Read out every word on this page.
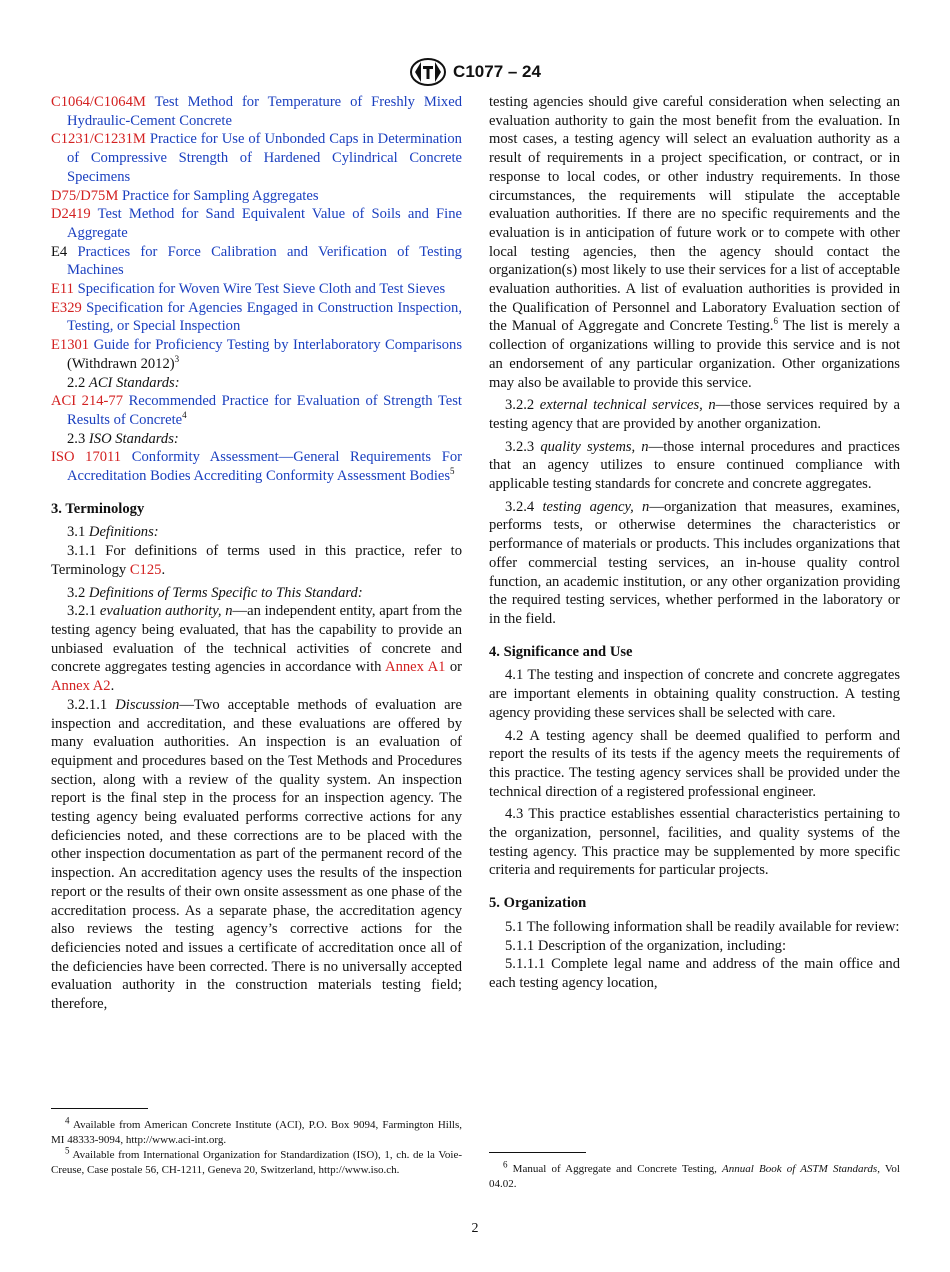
C1077 – 24

C1064/C1064M Test Method for Temperature of Freshly Mixed Hydraulic-Cement Concrete

C1231/C1231M Practice for Use of Unbonded Caps in Determination of Compressive Strength of Hardened Cylindrical Concrete Specimens

D75/D75M Practice for Sampling Aggregates

D2419 Test Method for Sand Equivalent Value of Soils and Fine Aggregate

E4 Practices for Force Calibration and Verification of Testing Machines

E11 Specification for Woven Wire Test Sieve Cloth and Test Sieves

E329 Specification for Agencies Engaged in Construction Inspection, Testing, or Special Inspection

E1301 Guide for Proficiency Testing by Interlaboratory Comparisons (Withdrawn 2012)$^3$

2.2 ACI Standards:

ACI 214-77 Recommended Practice for Evaluation of Strength Test Results of Concrete$^4$

2.3 ISO Standards:

ISO 17011 Conformity Assessment—General Requirements For Accreditation Bodies Accrediting Conformity Assessment Bodies$^5$

3. Terminology

3.1 Definitions:

3.1.1 For definitions of terms used in this practice, refer to Terminology C125.

3.2 Definitions of Terms Specific to This Standard:

3.2.1 evaluation authority, n—an independent entity, apart from the testing agency being evaluated, that has the capability to provide an unbiased evaluation of the technical activities of concrete and concrete aggregates testing agencies in accordance with Annex A1 or Annex A2.

3.2.1.1 Discussion—Two acceptable methods of evaluation are inspection and accreditation, and these evaluations are offered by many evaluation authorities. An inspection is an evaluation of equipment and procedures based on the Test Methods and Procedures section, along with a review of the quality system. An inspection report is the final step in the process for an inspection agency. The testing agency being evaluated performs corrective actions for any deficiencies noted, and these corrections are to be placed with the other inspection documentation as part of the permanent record of the inspection. An accreditation agency uses the results of the inspection report or the results of their own onsite assessment as one phase of the accreditation process. As a separate phase, the accreditation agency also reviews the testing agency’s corrective actions for the deficiencies noted and issues a certificate of accreditation once all of the deficiencies have been corrected. There is no universally accepted evaluation authority in the construction materials testing field; therefore,

$^4$ Available from American Concrete Institute (ACI), P.O. Box 9094, Farmington Hills, MI 48333-9094, http://www.aci-int.org.

$^5$ Available from International Organization for Standardization (ISO), 1, ch. de la Voie-Creuse, Case postale 56, CH-1211, Geneva 20, Switzerland, http://www.iso.ch.

testing agencies should give careful consideration when selecting an evaluation authority to gain the most benefit from the evaluation. In most cases, a testing agency will select an evaluation authority as a result of requirements in a project specification, or contract, or in response to local codes, or other industry requirements. In those circumstances, the requirements will stipulate the acceptable evaluation authorities. If there are no specific requirements and the evaluation is in anticipation of future work or to compete with other local testing agencies, then the agency should contact the organization(s) most likely to use their services for a list of acceptable evaluation authorities. A list of evaluation authorities is provided in the Qualification of Personnel and Laboratory Evaluation section of the Manual of Aggregate and Concrete Testing.$^6$ The list is merely a collection of organizations willing to provide this service and is not an endorsement of any particular organization. Other organizations may also be available to provide this service.

3.2.2 external technical services, n—those services required by a testing agency that are provided by another organization.

3.2.3 quality systems, n—those internal procedures and practices that an agency utilizes to ensure continued compliance with applicable testing standards for concrete and concrete aggregates.

3.2.4 testing agency, n—organization that measures, examines, performs tests, or otherwise determines the characteristics or performance of materials or products. This includes organizations that offer commercial testing services, an in-house quality control function, an academic institution, or any other organization providing the required testing services, whether performed in the laboratory or in the field.

4. Significance and Use

4.1 The testing and inspection of concrete and concrete aggregates are important elements in obtaining quality construction. A testing agency providing these services shall be selected with care.

4.2 A testing agency shall be deemed qualified to perform and report the results of its tests if the agency meets the requirements of this practice. The testing agency services shall be provided under the technical direction of a registered professional engineer.

4.3 This practice establishes essential characteristics pertaining to the organization, personnel, facilities, and quality systems of the testing agency. This practice may be supplemented by more specific criteria and requirements for particular projects.

5. Organization

5.1 The following information shall be readily available for review:

5.1.1 Description of the organization, including:

5.1.1.1 Complete legal name and address of the main office and each testing agency location,

$^6$ Manual of Aggregate and Concrete Testing, Annual Book of ASTM Standards, Vol 04.02.

2
